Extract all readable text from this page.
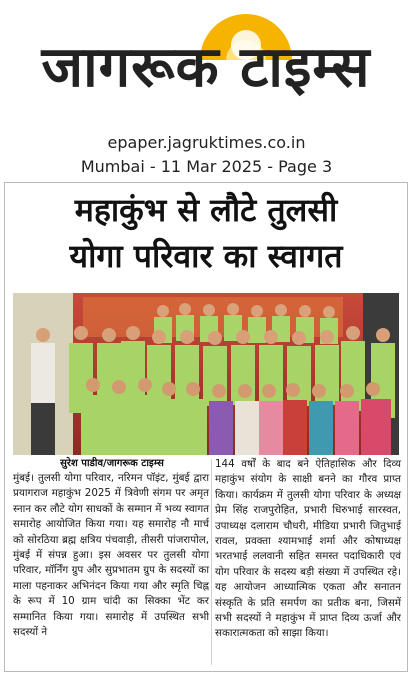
जागरूक टाइम्स
epaper.jagruktimes.co.in
Mumbai - 11 Mar 2025 - Page 3
महाकुंभ से लौटे तुलसी
योगा परिवार का स्वागत
सुरेश पाडीव/जागरूक टाइम्स
मुंबई। तुलसी योगा परिवार, नरिमन पॉइंट, मुंबई द्वारा प्रयागराज महाकुंभ 2025 में त्रिवेणी संगम पर अमृत स्नान कर लौटे योग साधकों के सम्मान में भव्य स्वागत समारोह आयोजित किया गया। यह समारोह नौ मार्च को सोरठिया ब्रह्म क्षत्रिय पंचवाड़ी, तीसरी पांजरापोल, मुंबई में संपन्न हुआ। इस अवसर पर तुलसी योगा परिवार, मॉर्निंग ग्रुप और सुप्रभातम ग्रुप के सदस्यों का माला पहनाकर अभिनंदन किया गया और स्मृति चिह्न के रूप में 10 ग्राम चांदी का सिक्का भेंट कर सम्मानित किया गया। समारोह में उपस्थित सभी सदस्यों ने
144 वर्षों के बाद बने ऐतिहासिक और दिव्य महाकुंभ संयोग के साक्षी बनने का गौरव प्राप्त किया। कार्यक्रम में तुलसी योगा परिवार के अध्यक्ष प्रेम सिंह राजपुरोहित, प्रभारी धिरुभाई सारस्वत, उपाध्यक्ष दलाराम चौधरी, मीडिया प्रभारी जितुभाई रावल, प्रवक्ता श्यामभाई शर्मा और कोषाध्यक्ष भरतभाई ललवानी सहित समस्त पदाधिकारी एवं योग परिवार के सदस्य बड़ी संख्या में उपस्थित रहे। यह आयोजन आध्यात्मिक एकता और सनातन संस्कृति के प्रति समर्पण का प्रतीक बना, जिसमें सभी सदस्यों ने महाकुंभ में प्राप्त दिव्य ऊर्जा और सकारात्मकता को साझा किया।
